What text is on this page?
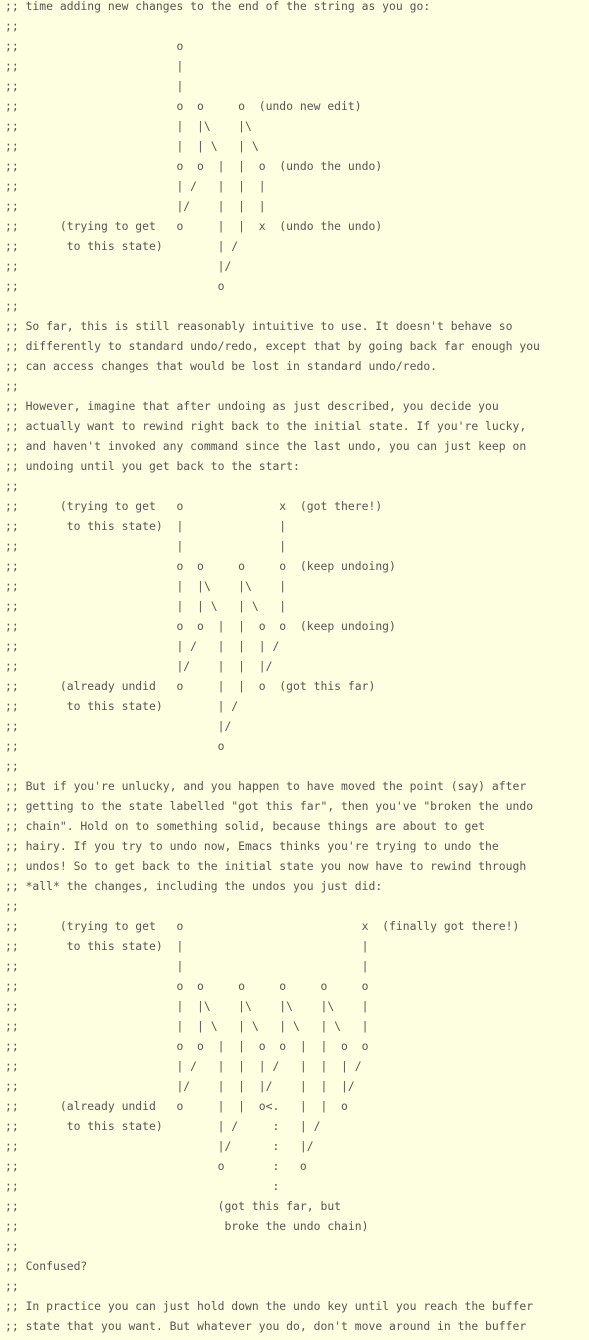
;; time adding new changes to the end of the string as you go:
;;
;;                       o
;;                       |
;;                       |
;;                       o  o     o  (undo new edit)
;;                       |  |\    |\
;;                       |  | \   | \
;;                       o  o  |  |  o  (undo the undo)
;;                       | /   |  |  |
;;                       |/    |  |  |
;;      (trying to get   o     |  |  x  (undo the undo)
;;       to this state)        | /
;;                             |/
;;                             o
;;
;; So far, this is still reasonably intuitive to use. It doesn't behave so
;; differently to standard undo/redo, except that by going back far enough you
;; can access changes that would be lost in standard undo/redo.
;;
;; However, imagine that after undoing as just described, you decide you
;; actually want to rewind right back to the initial state. If you're lucky,
;; and haven't invoked any command since the last undo, you can just keep on
;; undoing until you get back to the start:
;;
;;      (trying to get   o              x  (got there!)
;;       to this state)  |              |
;;                       |              |
;;                       o  o     o     o  (keep undoing)
;;                       |  |\    |\    |
;;                       |  | \   | \   |
;;                       o  o  |  |  o  o  (keep undoing)
;;                       | /   |  |  | /
;;                       |/    |  |  |/
;;      (already undid   o     |  |  o  (got this far)
;;       to this state)        | /
;;                             |/
;;                             o
;;
;; But if you're unlucky, and you happen to have moved the point (say) after
;; getting to the state labelled "got this far", then you've "broken the undo
;; chain". Hold on to something solid, because things are about to get
;; hairy. If you try to undo now, Emacs thinks you're trying to undo the
;; undos! So to get back to the initial state you now have to rewind through
;; *all* the changes, including the undos you just did:
;;
;;      (trying to get   o                          x  (finally got there!)
;;       to this state)  |                          |
;;                       |                          |
;;                       o  o     o     o     o     o
;;                       |  |\    |\    |\    |\    |
;;                       |  | \   | \   | \   | \   |
;;                       o  o  |  |  o  o  |  |  o  o
;;                       | /   |  |  | /   |  |  | /
;;                       |/    |  |  |/    |  |  |/
;;      (already undid   o     |  |  o<.   |  |  o
;;       to this state)        | /     :   | /
;;                             |/      :   |/
;;                             o       :   o
;;                                     :
;;                             (got this far, but
;;                              broke the undo chain)
;;
;; Confused?
;;
;; In practice you can just hold down the undo key until you reach the buffer
;; state that you want. But whatever you do, don't move around in the buffer
